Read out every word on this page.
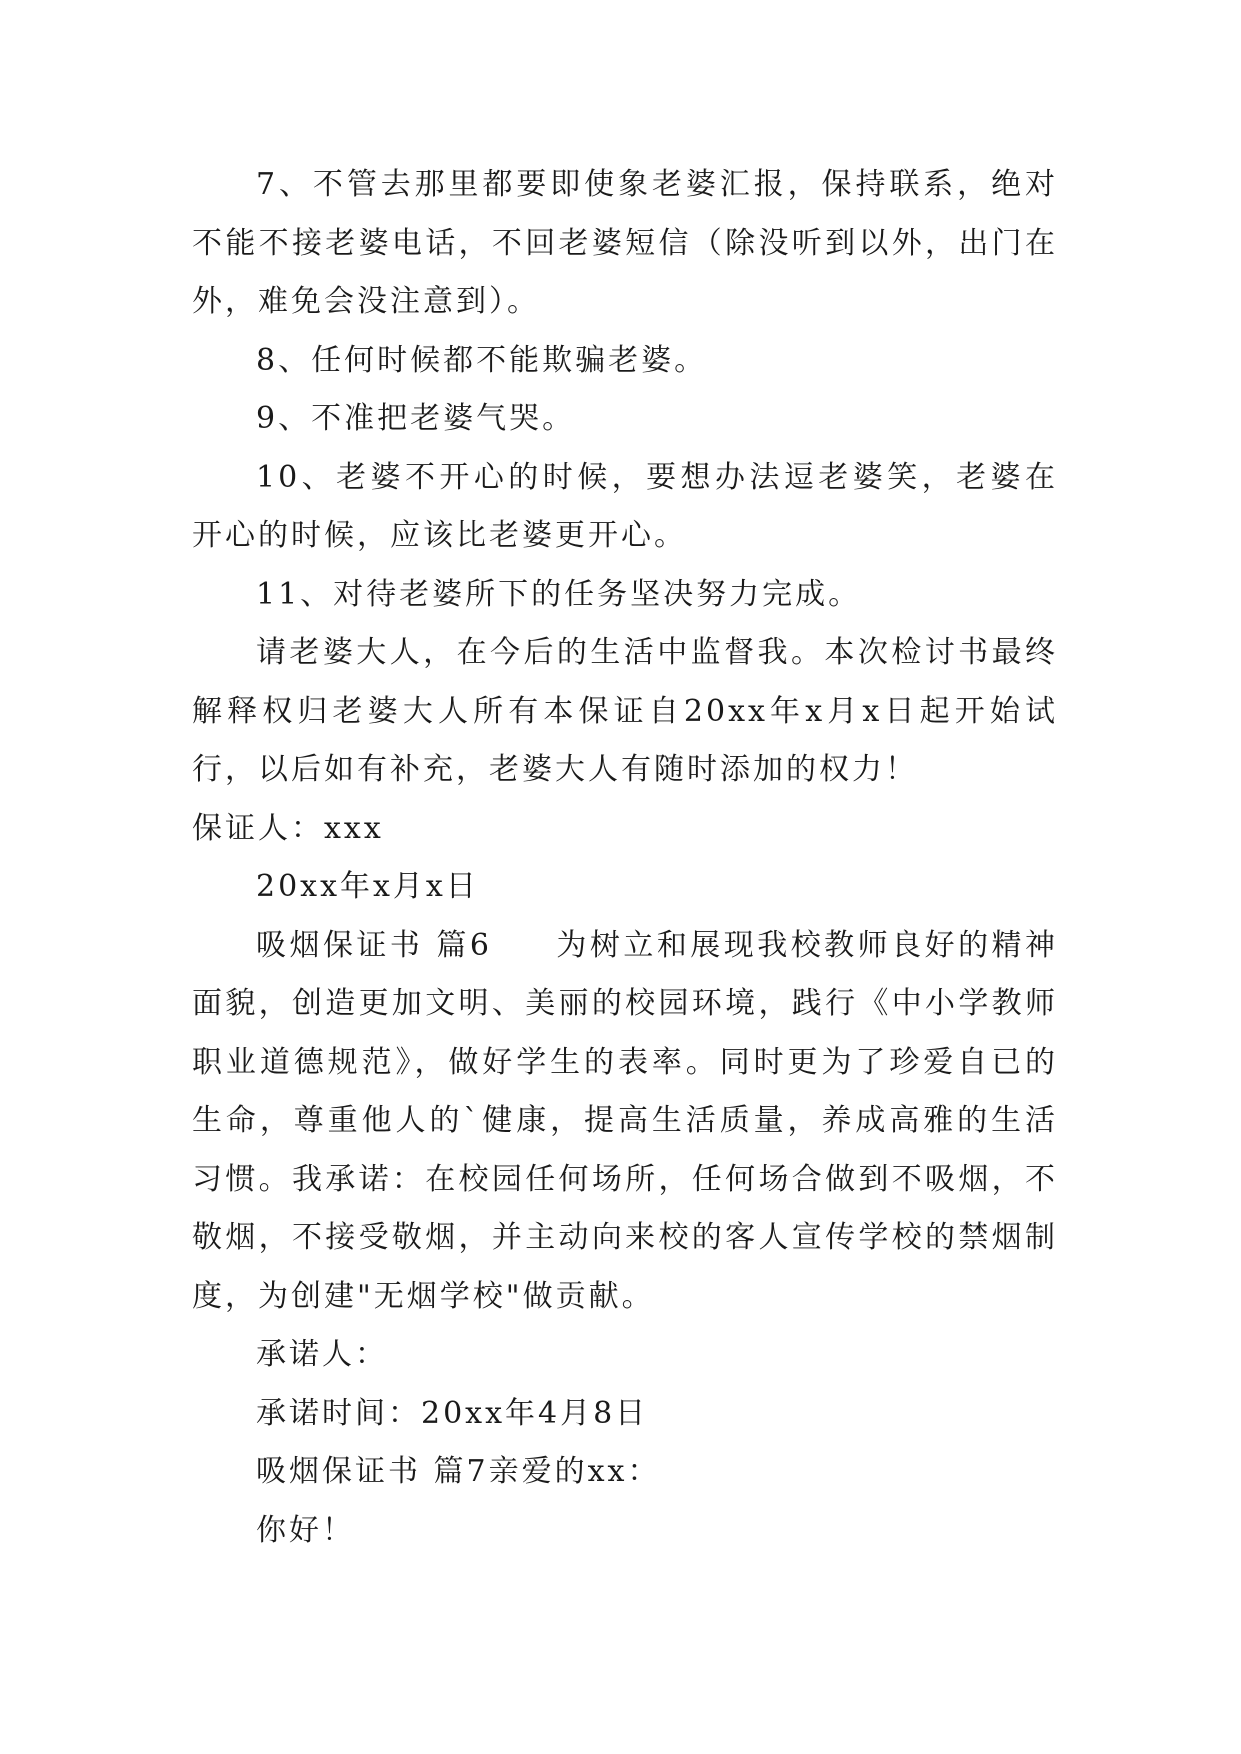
7、不管去那里都要即使象老婆汇报，保持联系，绝对不能不接老婆电话，不回老婆短信（除没听到以外，出门在外，难免会没注意到）。

8、任何时候都不能欺骗老婆。

9、不准把老婆气哭。

10、老婆不开心的时候，要想办法逗老婆笑，老婆在开心的时候，应该比老婆更开心。

11、对待老婆所下的任务坚决努力完成。

请老婆大人，在今后的生活中监督我。本次检讨书最终解释权归老婆大人所有本保证自20xx年x月x日起开始试行，以后如有补充，老婆大人有随时添加的权力！

保证人：xxx

20xx年x月x日

吸烟保证书 篇6 为树立和展现我校教师良好的精神面貌，创造更加文明、美丽的校园环境，践行《中小学教师职业道德规范》，做好学生的表率。同时更为了珍爱自已的生命，尊重他人的`健康，提高生活质量，养成高雅的生活习惯。我承诺：在校园任何场所，任何场合做到不吸烟，不敬烟，不接受敬烟，并主动向来校的客人宣传学校的禁烟制度，为创建"无烟学校"做贡献。

承诺人：

承诺时间：20xx年4月8日

吸烟保证书 篇7亲爱的xx：

你好！
